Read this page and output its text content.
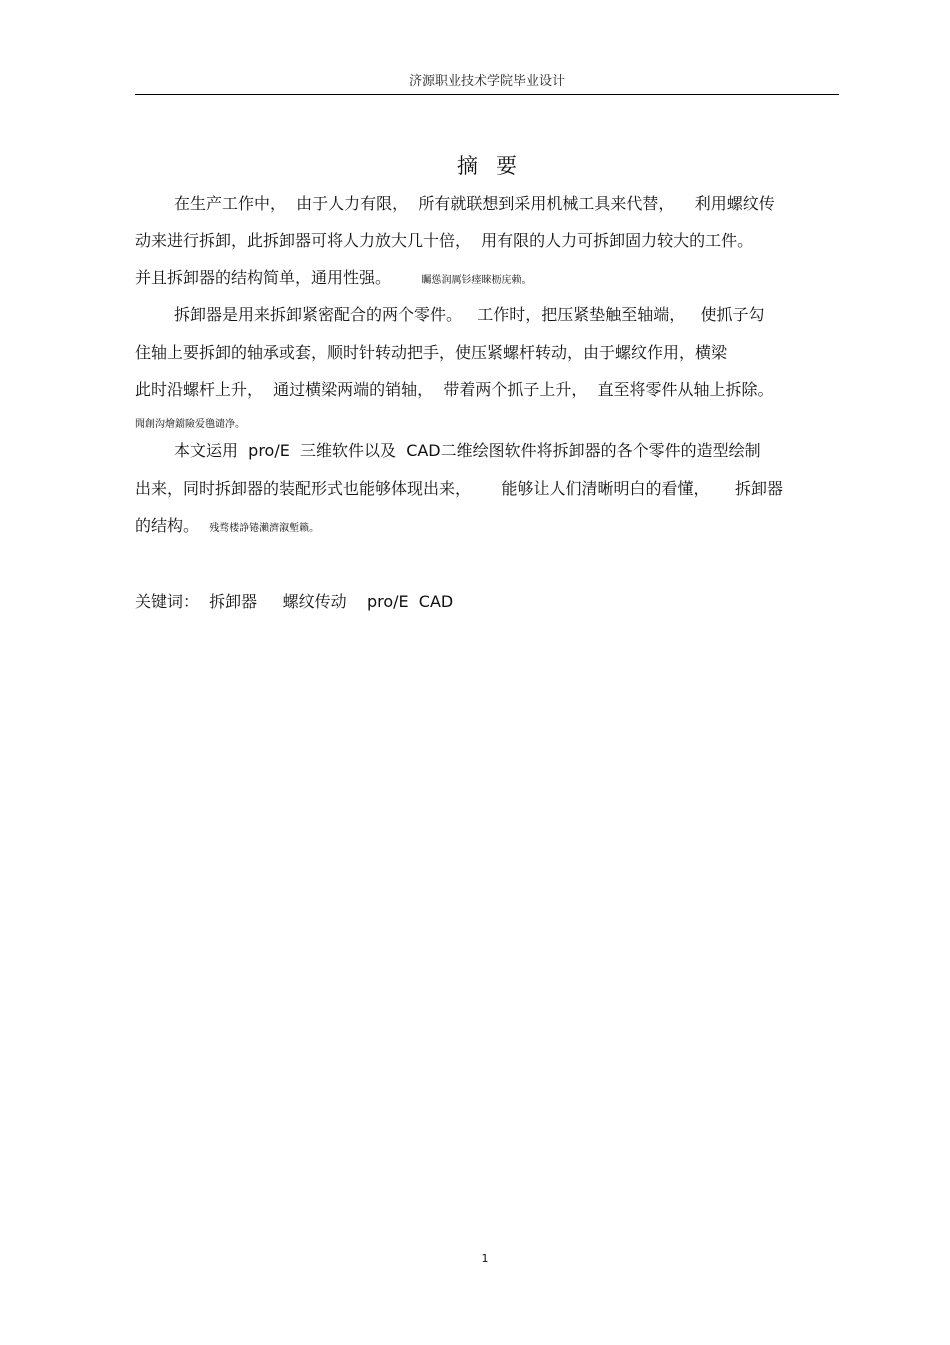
济源职业技术学院毕业设计
摘要
在生产工作中，  由于人力有限，  所有就联想到采用机械工具来代替，    利用螺纹传
动来进行拆卸，此拆卸器可将人力放大几十倍，  用有限的人力可拆卸固力较大的工件。
并且拆卸器的结构简单，通用性强。	矚慫润厲钐瘗睞枥庑赖。
拆卸器是用来拆卸紧密配合的两个零件。   工作时，把压紧垫触至轴端，   使抓子勾
住轴上要拆卸的轴承或套，顺时针转动把手，使压紧螺杆转动，由于螺纹作用，横梁
此时沿螺杆上升，  通过横梁两端的销轴，  带着两个抓子上升，  直至将零件从轴上拆除。
聞創沟燴鐺險爱氇谴净。
本文运用  pro/E  三维软件以及  CAD二维绘图软件将拆卸器的各个零件的造型绘制
出来，同时拆卸器的装配形式也能够体现出来，      能够让人们清晰明白的看懂，     拆卸器
的结构。 残骛楼諍锩瀨濟溆塹籟。
关键词：  拆卸器     螺纹传动    pro/E  CAD
1
